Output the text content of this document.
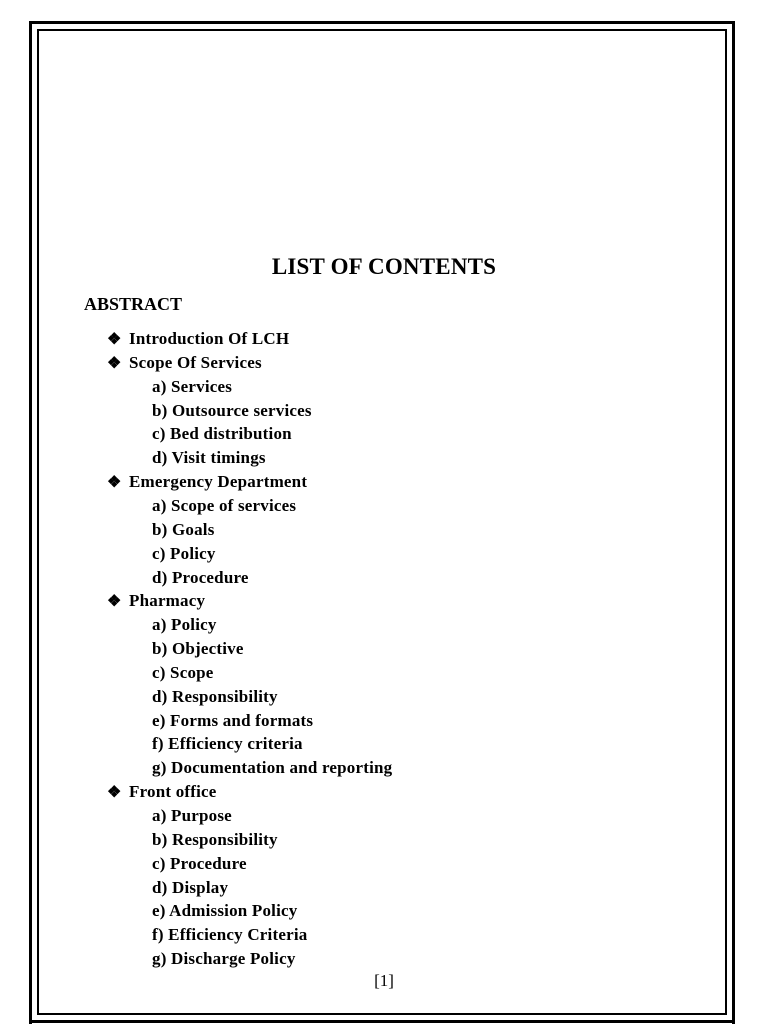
LIST OF CONTENTS
ABSTRACT
❖ Introduction Of LCH
❖ Scope Of Services
a) Services
b) Outsource services
c) Bed distribution
d) Visit timings
❖ Emergency Department
a) Scope of services
b) Goals
c) Policy
d) Procedure
❖ Pharmacy
a) Policy
b) Objective
c) Scope
d) Responsibility
e) Forms and formats
f) Efficiency criteria
g) Documentation and reporting
❖ Front office
a) Purpose
b) Responsibility
c) Procedure
d) Display
e) Admission Policy
f) Efficiency Criteria
g) Discharge Policy
[1]
